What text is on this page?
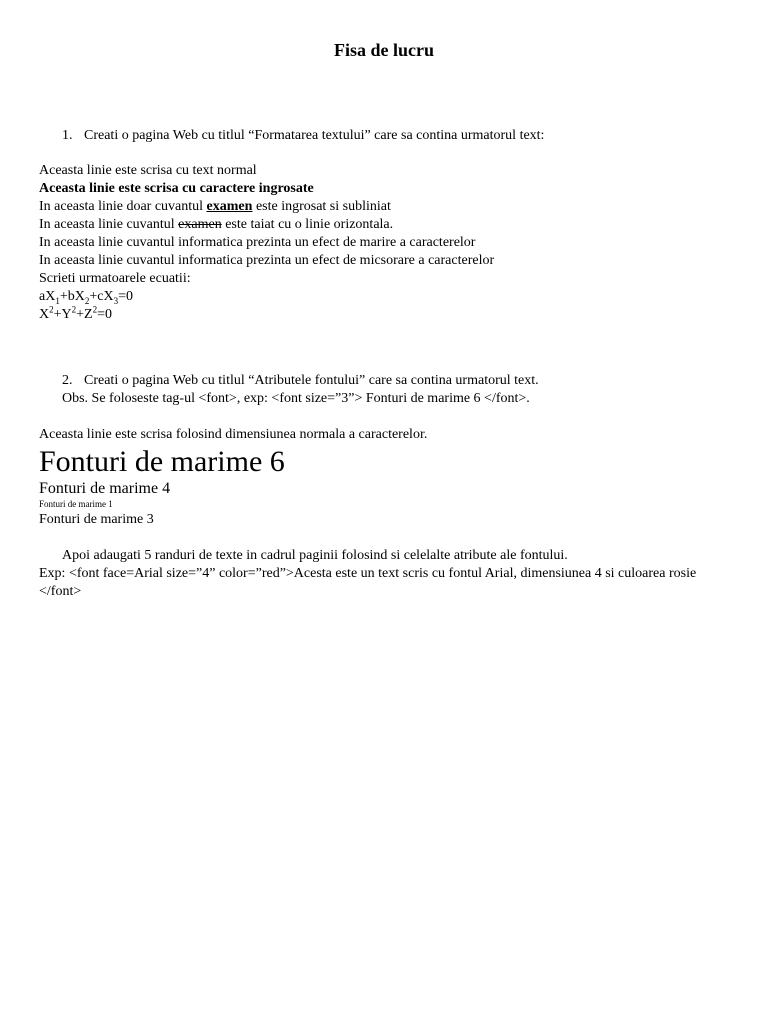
Fisa de lucru
1. Creati o pagina Web cu titlul “Formatarea textului” care sa contina urmatorul text:
Aceasta linie este scrisa cu text normal
Aceasta linie este scrisa cu caractere ingrosate
In aceasta linie doar cuvantul examen este ingrosat si subliniat
In aceasta linie cuvantul examen este taiat cu o linie orizontala.
In aceasta linie cuvantul informatica prezinta un efect de marire a caracterelor
In aceasta linie cuvantul informatica prezinta un efect de micsorare a caracterelor
Scrieti urmatoarele ecuatii:
$aX_1+bX_2+cX_3=0$
$X^2+Y^2+Z^2=0$
2. Creati o pagina Web cu titlul “Atributele fontului” care sa contina urmatorul text.
Obs. Se foloseste tag-ul <font>, exp: <font size=”3”> Fonturi de marime 6 </font>.
Aceasta linie este scrisa folosind dimensiunea normala a caracterelor.
Fonturi de marime 6
Fonturi de marime 4
Fonturi de marime 1
Fonturi de marime 3
Apoi adaugati 5 randuri de texte in cadrul paginii folosind si celelalte atribute ale fontului.
Exp: <font face=Arial size=”4” color=”red”>Acesta este un text scris cu fontul Arial, dimensiunea 4 si culoarea rosie </font>
